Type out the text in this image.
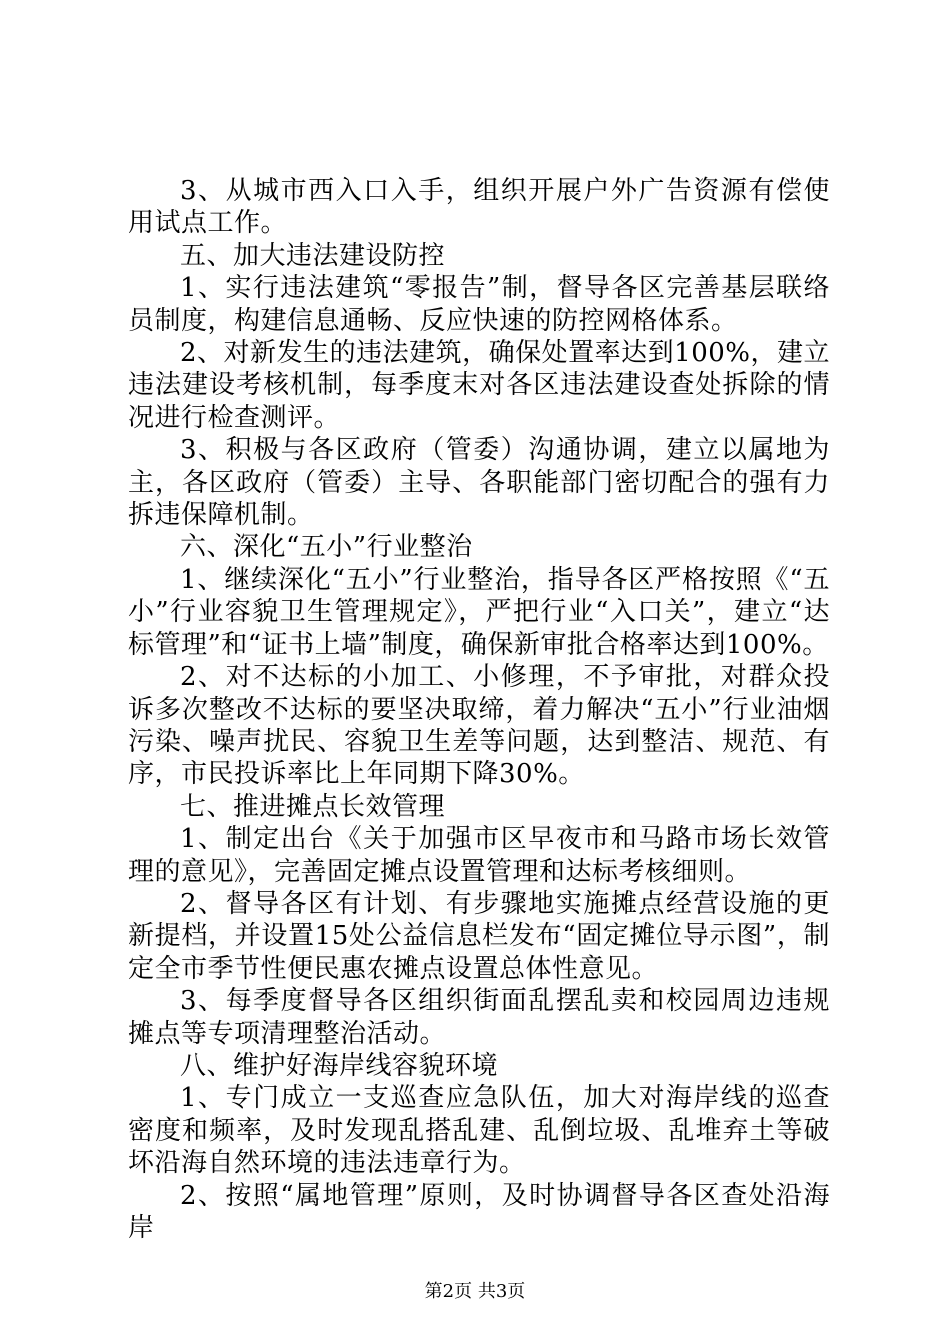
3、从城市西入口入手，组织开展户外广告资源有偿使用试点工作。

五、加大违法建设防控

1、实行违法建筑“零报告”制，督导各区完善基层联络员制度，构建信息通畅、反应快速的防控网格体系。

2、对新发生的违法建筑，确保处置率达到100%，建立违法建设考核机制，每季度末对各区违法建设查处拆除的情况进行检查测评。

3、积极与各区政府（管委）沟通协调，建立以属地为主，各区政府（管委）主导、各职能部门密切配合的强有力拆违保障机制。

六、深化“五小”行业整治

1、继续深化“五小”行业整治，指导各区严格按照《“五小”行业容貌卫生管理规定》，严把行业“入口关”，建立“达标管理”和“证书上墙”制度，确保新审批合格率达到100%。

2、对不达标的小加工、小修理，不予审批，对群众投诉多次整改不达标的要坚决取缔，着力解决“五小”行业油烟污染、噪声扰民、容貌卫生差等问题，达到整洁、规范、有序，市民投诉率比上年同期下降30%。

七、推进摊点长效管理

1、制定出台《关于加强市区早夜市和马路市场长效管理的意见》，完善固定摊点设置管理和达标考核细则。

2、督导各区有计划、有步骤地实施摊点经营设施的更新提档，并设置15处公益信息栏发布“固定摊位导示图”，制定全市季节性便民惠农摊点设置总体性意见。

3、每季度督导各区组织街面乱摆乱卖和校园周边违规摊点等专项清理整治活动。

八、维护好海岸线容貌环境

1、专门成立一支巡查应急队伍，加大对海岸线的巡查密度和频率，及时发现乱搭乱建、乱倒垃圾、乱堆弃土等破坏沿海自然环境的违法违章行为。

2、按照“属地管理”原则，及时协调督导各区查处沿海岸

第2页 共3页
